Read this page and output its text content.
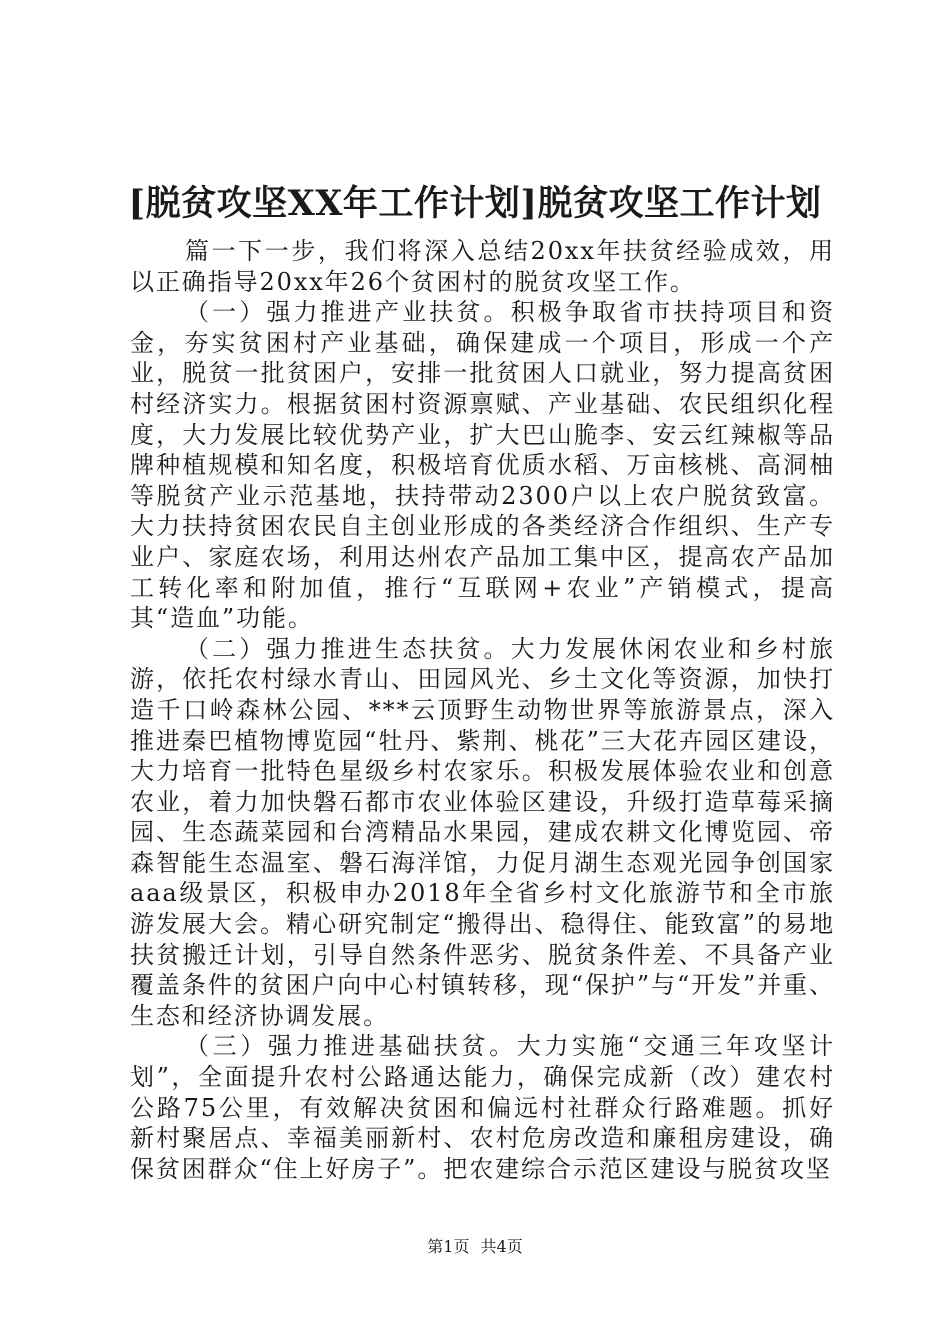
[脱贫攻坚XX年工作计划]脱贫攻坚工作计划

篇一下一步，我们将深入总结20xx年扶贫经验成效，用以正确指导20xx年26个贫困村的脱贫攻坚工作。

（一）强力推进产业扶贫。积极争取省市扶持项目和资金，夯实贫困村产业基础，确保建成一个项目，形成一个产业，脱贫一批贫困户，安排一批贫困人口就业，努力提高贫困村经济实力。根据贫困村资源禀赋、产业基础、农民组织化程度，大力发展比较优势产业，扩大巴山脆李、安云红辣椒等品牌种植规模和知名度，积极培育优质水稻、万亩核桃、高洞柚等脱贫产业示范基地，扶持带动2300户以上农户脱贫致富。大力扶持贫困农民自主创业形成的各类经济合作组织、生产专业户、家庭农场，利用达州农产品加工集中区，提高农产品加工转化率和附加值，推行“互联网+农业”产销模式，提高其“造血”功能。

（二）强力推进生态扶贫。大力发展休闲农业和乡村旅游，依托农村绿水青山、田园风光、乡土文化等资源，加快打造千口岭森林公园、***云顶野生动物世界等旅游景点，深入推进秦巴植物博览园“牡丹、紫荆、桃花”三大花卉园区建设，大力培育一批特色星级乡村农家乐。积极发展体验农业和创意农业，着力加快磐石都市农业体验区建设，升级打造草莓采摘园、生态蔬菜园和台湾精品水果园，建成农耕文化博览园、帝森智能生态温室、磐石海洋馆，力促月湖生态观光园争创国家aaa级景区，积极申办2018年全省乡村文化旅游节和全市旅游发展大会。精心研究制定“搬得出、稳得住、能致富”的易地扶贫搬迁计划，引导自然条件恶劣、脱贫条件差、不具备产业覆盖条件的贫困户向中心村镇转移，现“保护”与“开发”并重、生态和经济协调发展。

（三）强力推进基础扶贫。大力实施“交通三年攻坚计划”，全面提升农村公路通达能力，确保完成新（改）建农村公路75公里，有效解决贫困和偏远村社群众行路难题。抓好新村聚居点、幸福美丽新村、农村危房改造和廉租房建设，确保贫困群众“住上好房子”。把农建综合示范区建设与脱贫攻坚

第1页 共4页
